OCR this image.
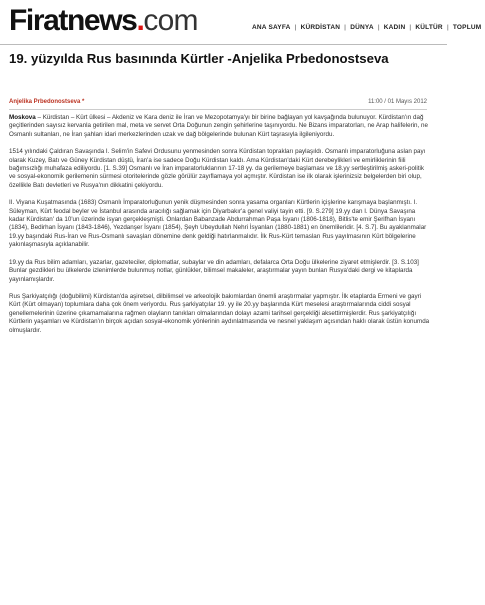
Firatnews.com	ANA SAYFA | KÜRDİSTAN | DÜNYA | KADIN | KÜLTÜR | TOPLUM
19. yüzyılda Rus basınında Kürtler -Anjelika Prbedonostseva
Anjelika Prbedonostseva *	11:00 / 01 Mayıs 2012

Moskova – Kürdistan – Kürt ülkesi – Akdeniz ve Kara deniz ile İran ve Mezopotamya'yı bir birine bağlayan yol kavşağında bulunuyor. Kürdistan'ın dağ geçitlerinden sayısız kervanla getirilen mal, meta ve servet Orta Doğunun zengin şehirlerine taşınıyordu. Ne Bizans imparatorları, ne Arap halifelerin, ne Osmanlı sultanları, ne İran şahları idari merkezlerinden uzak ve dağ bölgelerinde bulunan Kürt taşrasıyla ilgileniyordu.

1514 yılındaki Çaldıran Savaşında I. Selim'in Safevi Ordusunu yenmesinden sonra Kürdistan toprakları paylaşıldı. Osmanlı imparatorluğuna aslan payı olarak Kuzey, Batı ve Güney Kürdistan düştü, İran'a ise sadece Doğu Kürdistan kaldı. Ama Kürdistan'daki Kürt derebeylikleri ve emirliklerinin fiili bağımsızlığı muhafaza ediliyordu. [1. S.39] Osmanlı ve İran imparatorluklarının 17-18 yy. da gerilemeye başlaması ve 18.yy sertleştirilmiş askeri-politik ve sosyal-ekonomik gerilemenin sürmesi otoritelerinde gözle görülür zayıflamaya yol açmıştır. Kürdistan ise ilk olarak işlerinizsiz belgelerden biri olup, özellikle Batı devletleri ve Rusya'nın dikkatini çekiyordu.

II. Viyana Kuşatmasında (1683) Osmanlı İmparatorluğunun yenik düşmesinden sonra yasama organları Kürtlerin içişlerine karışmaya başlanmıştı. I. Süleyman, Kürt feodal beyler ve İstanbul arasında aracılığı sağlamak için Diyarbakır'a genel valiyi tayin etti. [9. S.279] 19.yy dan I. Dünya Savaşına kadar Kürdistan' da 10'un üzerinde isyan gerçekleşmişti. Onlardan Babanzade Abdurrahman Paşa İsyanı (1806-1818), Bitlis'te emir Şerifhan İsyanı (1834), Bedirhan İsyanı (1843-1846), Yezdanşer İsyanı (1854), Şeyh Ubeydullah Nehri İsyanları (1880-1881) en önemlileridir. [4. S.7]. Bu ayaklanmalar 19.yy başındaki Rus-İran ve Rus-Osmanlı savaşları dönemine denk geldiği hatırlanmalıdır. İlk Rus-Kürt temasları Rus yayılmasının Kürt bölgelerine yakınlaşmasıyla açıklanabilir.

19.yy da Rus bilim adamları, yazarlar, gazeteciler, diplomatlar, subaylar ve din adamları, defalarca Orta Doğu ülkelerine ziyaret etmişlerdir. [3. S.103] Bunlar gezdikleri bu ülkelerde izlenimlerde bulunmuş notlar, günlükler, bilimsel makaleler, araştırmalar yayın bunları Rusya'daki dergi ve kitaplarda yayınlamışlardır.

Rus Şarkiyatçılığı (doğubilimi) Kürdistan'da aşiretsel, dilbilimsel ve arkeolojik bakımlardan önemli araştırmalar yapmıştır. İlk etaplarda Ermeni ve gayri Kürt (Kürt olmayan) toplumlara daha çok önem veriyordu. Rus şarkiyatçılar 19. yy ile 20.yy başlarında Kürt meselesi araştırmalarında ciddi sosyal genellemelerinin üzerine çıkamamalarına rağmen olayların tanıkları olmalarından dolayı azami tarihsel gerçekliği aksettirmişlerdir. Rus şarkiyatçılığı Kürtlerin yaşamları ve Kürdistan'ın birçok açıdan sosyal-ekonomik yönlerinin aydınlatmasında ve nesnel yaklaşım açısından haklı olarak üstün konumda olmuşlardır.
